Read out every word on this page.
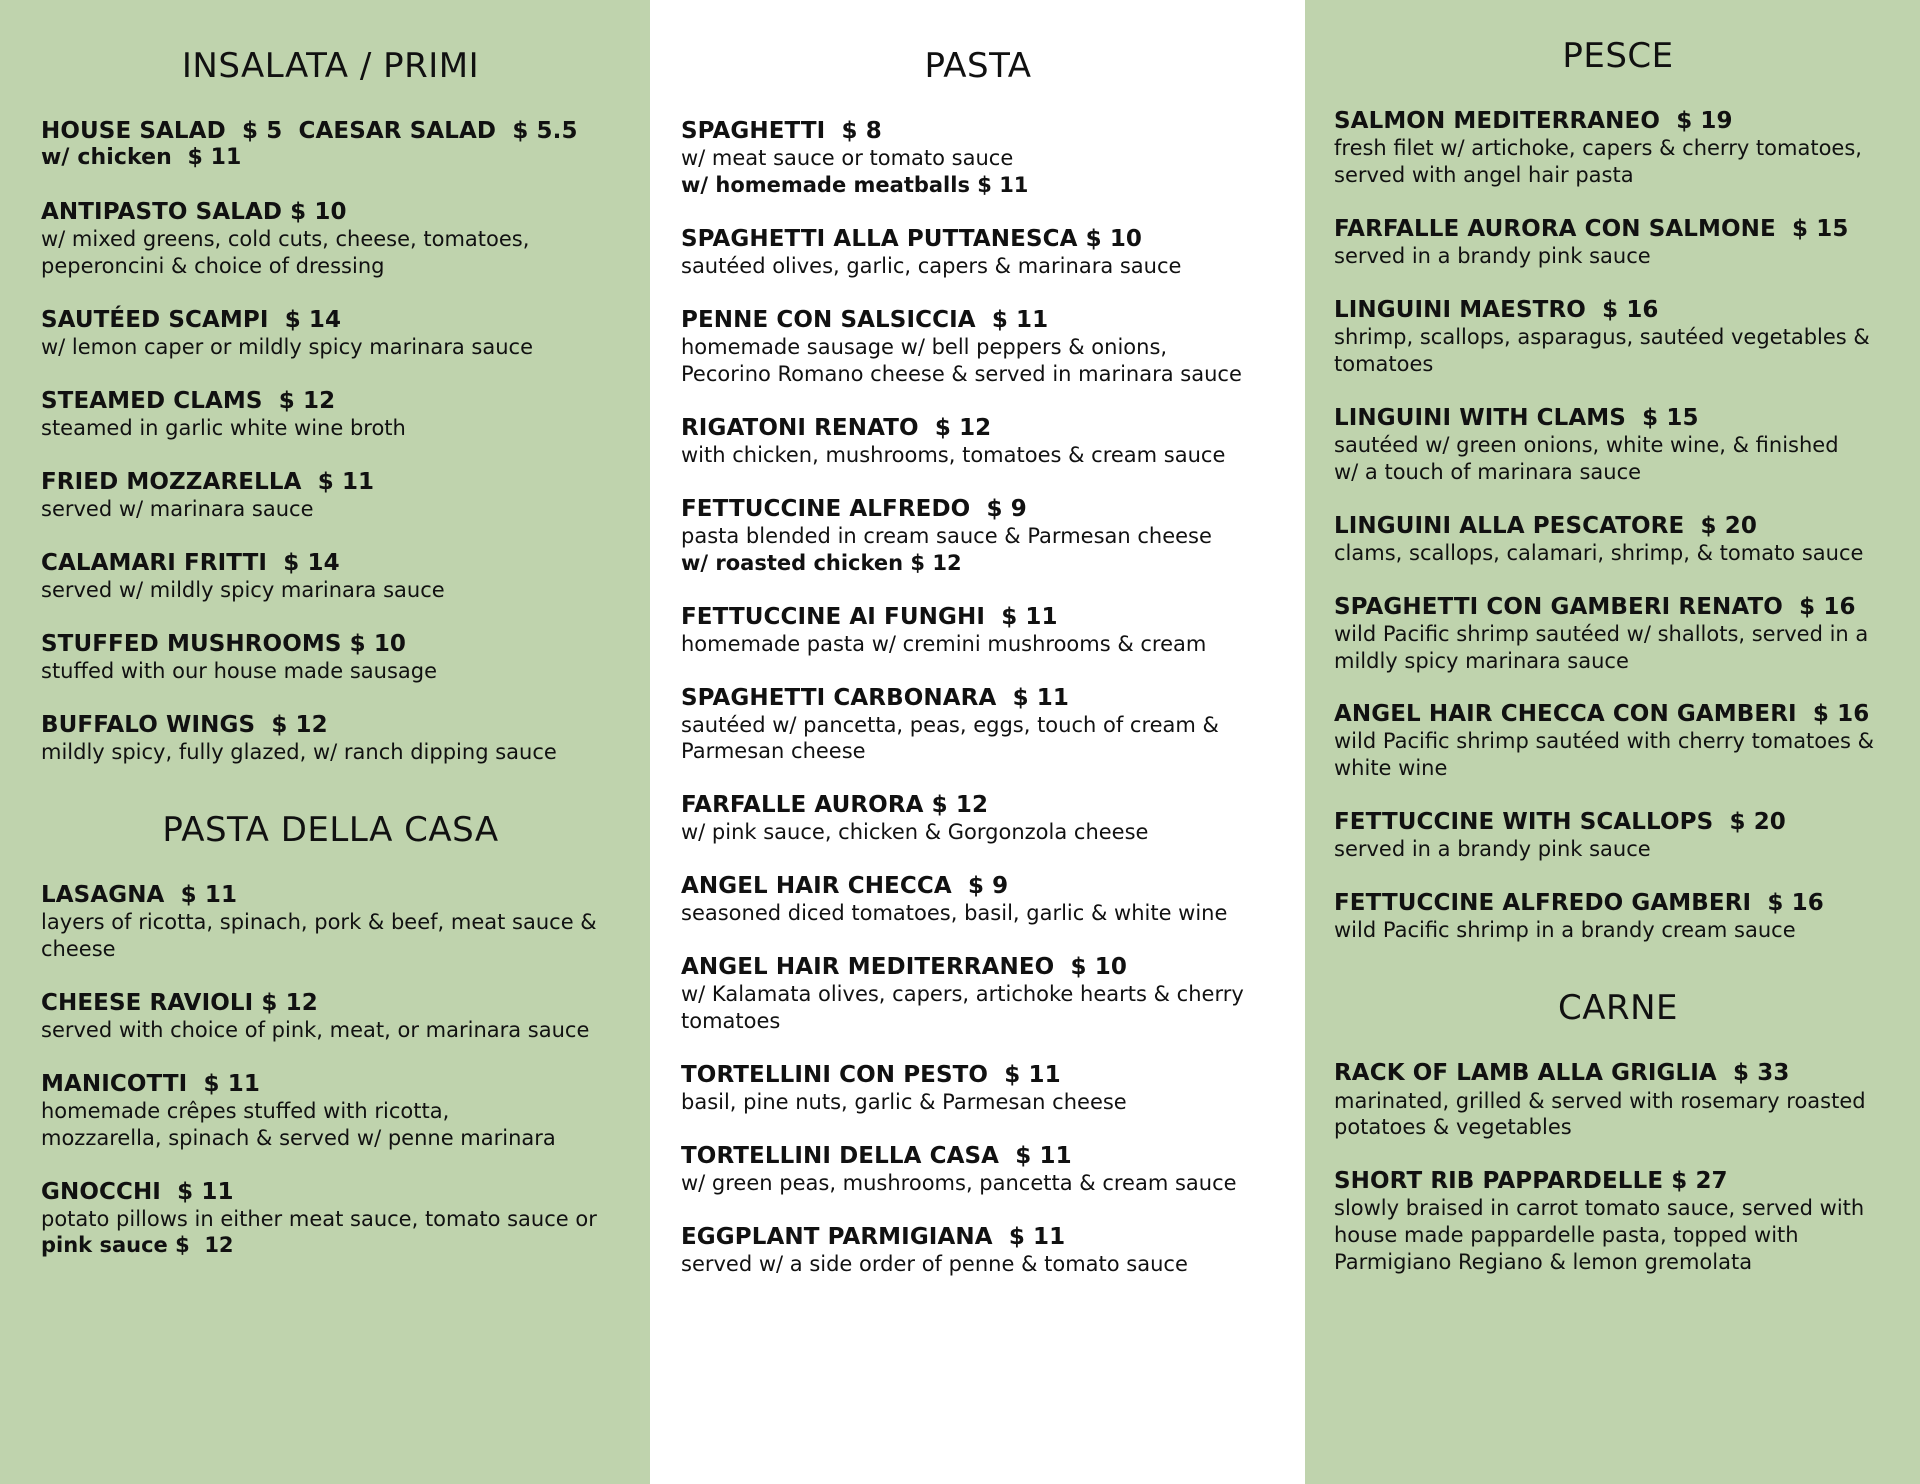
INSALATA / PRIMI
HOUSE SALAD  $ 5  CAESAR SALAD  $ 5.5
w/ chicken  $ 11
ANTIPASTO SALAD $ 10
w/ mixed greens, cold cuts, cheese, tomatoes,
peperoncini & choice of dressing
SAUTÉED SCAMPI  $ 14
w/ lemon caper or mildly spicy marinara sauce
STEAMED CLAMS  $ 12
steamed in garlic white wine broth
FRIED MOZZARELLA  $ 11
served w/ marinara sauce
CALAMARI FRITTI  $ 14
served w/ mildly spicy marinara sauce
STUFFED MUSHROOMS $ 10
stuffed with our house made sausage
BUFFALO WINGS  $ 12
mildly spicy, fully glazed, w/ ranch dipping sauce
PASTA DELLA CASA
LASAGNA  $ 11
layers of ricotta, spinach, pork & beef, meat sauce &
cheese
CHEESE RAVIOLI $ 12
served with choice of pink, meat, or marinara sauce
MANICOTTI  $ 11
homemade crêpes stuffed with ricotta,
mozzarella, spinach & served w/ penne marinara
GNOCCHI  $ 11
potato pillows in either meat sauce, tomato sauce or
pink sauce $  12
PASTA
SPAGHETTI  $ 8
w/ meat sauce or tomato sauce
w/ homemade meatballs $ 11
SPAGHETTI ALLA PUTTANESCA $ 10
sautéed olives, garlic, capers & marinara sauce
PENNE CON SALSICCIA  $ 11
homemade sausage w/ bell peppers & onions,
Pecorino Romano cheese & served in marinara sauce
RIGATONI RENATO  $ 12
with chicken, mushrooms, tomatoes & cream sauce
FETTUCCINE ALFREDO  $ 9
pasta blended in cream sauce & Parmesan cheese
w/ roasted chicken $ 12
FETTUCCINE AI FUNGHI  $ 11
homemade pasta w/ cremini mushrooms & cream
SPAGHETTI CARBONARA  $ 11
sautéed w/ pancetta, peas, eggs, touch of cream &
Parmesan cheese
FARFALLE AURORA $ 12
w/ pink sauce, chicken & Gorgonzola cheese
ANGEL HAIR CHECCA  $ 9
seasoned diced tomatoes, basil, garlic & white wine
ANGEL HAIR MEDITERRANEO  $ 10
w/ Kalamata olives, capers, artichoke hearts & cherry
tomatoes
TORTELLINI CON PESTO  $ 11
basil, pine nuts, garlic & Parmesan cheese
TORTELLINI DELLA CASA  $ 11
w/ green peas, mushrooms, pancetta & cream sauce
EGGPLANT PARMIGIANA  $ 11
served w/ a side order of penne & tomato sauce
PESCE
SALMON MEDITERRANEO  $ 19
fresh filet w/ artichoke, capers & cherry tomatoes,
served with angel hair pasta
FARFALLE AURORA CON SALMONE  $ 15
served in a brandy pink sauce
LINGUINI MAESTRO  $ 16
shrimp, scallops, asparagus, sautéed vegetables &
tomatoes
LINGUINI WITH CLAMS  $ 15
sautéed w/ green onions, white wine, & finished
w/ a touch of marinara sauce
LINGUINI ALLA PESCATORE  $ 20
clams, scallops, calamari, shrimp, & tomato sauce
SPAGHETTI CON GAMBERI RENATO  $ 16
wild Pacific shrimp sautéed w/ shallots, served in a
mildly spicy marinara sauce
ANGEL HAIR CHECCA CON GAMBERI  $ 16
wild Pacific shrimp sautéed with cherry tomatoes &
white wine
FETTUCCINE WITH SCALLOPS  $ 20
served in a brandy pink sauce
FETTUCCINE ALFREDO GAMBERI  $ 16
wild Pacific shrimp in a brandy cream sauce
CARNE
RACK OF LAMB ALLA GRIGLIA  $ 33
marinated, grilled & served with rosemary roasted
potatoes & vegetables
SHORT RIB PAPPARDELLE $ 27
slowly braised in carrot tomato sauce, served with
house made pappardelle pasta, topped with
Parmigiano Regiano & lemon gremolata
